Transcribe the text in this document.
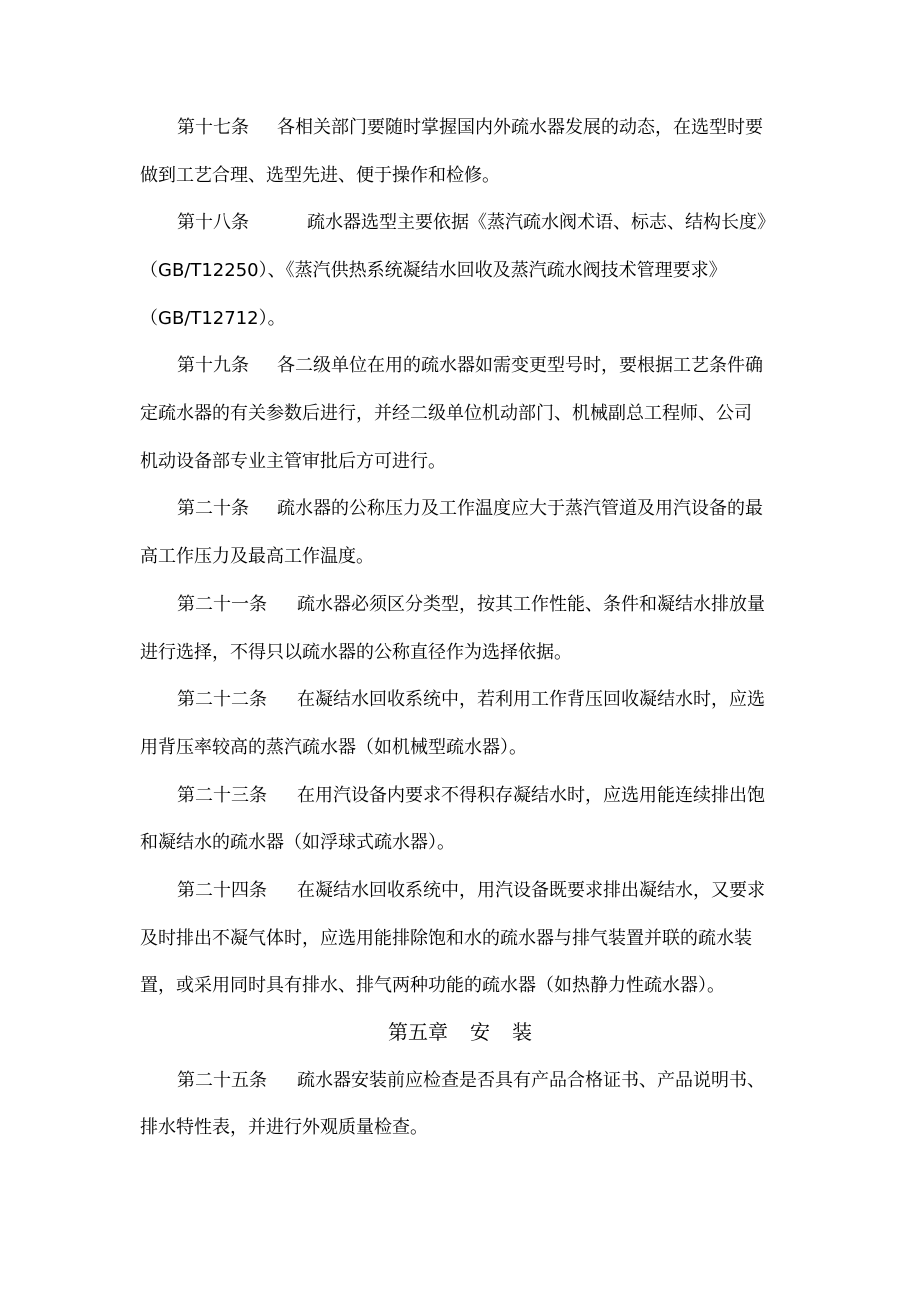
第十七条 各相关部门要随时掌握国内外疏水器发展的动态，在选型时要
做到工艺合理、选型先进、便于操作和检修。
第十八条	疏水器选型主要依据《蒸汽疏水阀术语、标志、结构长度》
（GB/T12250）、《蒸汽供热系统凝结水回收及蒸汽疏水阀技术管理要求》
（GB/T12712）。
第十九条 各二级单位在用的疏水器如需变更型号时，要根据工艺条件确
定疏水器的有关参数后进行，并经二级单位机动部门、机械副总工程师、公司
机动设备部专业主管审批后方可进行。
第二十条 疏水器的公称压力及工作温度应大于蒸汽管道及用汽设备的最
高工作压力及最高工作温度。
第二十一条 疏水器必须区分类型，按其工作性能、条件和凝结水排放量
进行选择，不得只以疏水器的公称直径作为选择依据。
第二十二条 在凝结水回收系统中，若利用工作背压回收凝结水时，应选
用背压率较高的蒸汽疏水器（如机械型疏水器）。
第二十三条 在用汽设备内要求不得积存凝结水时，应选用能连续排出饱
和凝结水的疏水器（如浮球式疏水器）。
第二十四条 在凝结水回收系统中，用汽设备既要求排出凝结水，又要求
及时排出不凝气体时，应选用能排除饱和水的疏水器与排气装置并联的疏水装
置，或采用同时具有排水、排气两种功能的疏水器（如热静力性疏水器）。
第五章 安 装
第二十五条 疏水器安装前应检查是否具有产品合格证书、产品说明书、
排水特性表，并进行外观质量检查。
